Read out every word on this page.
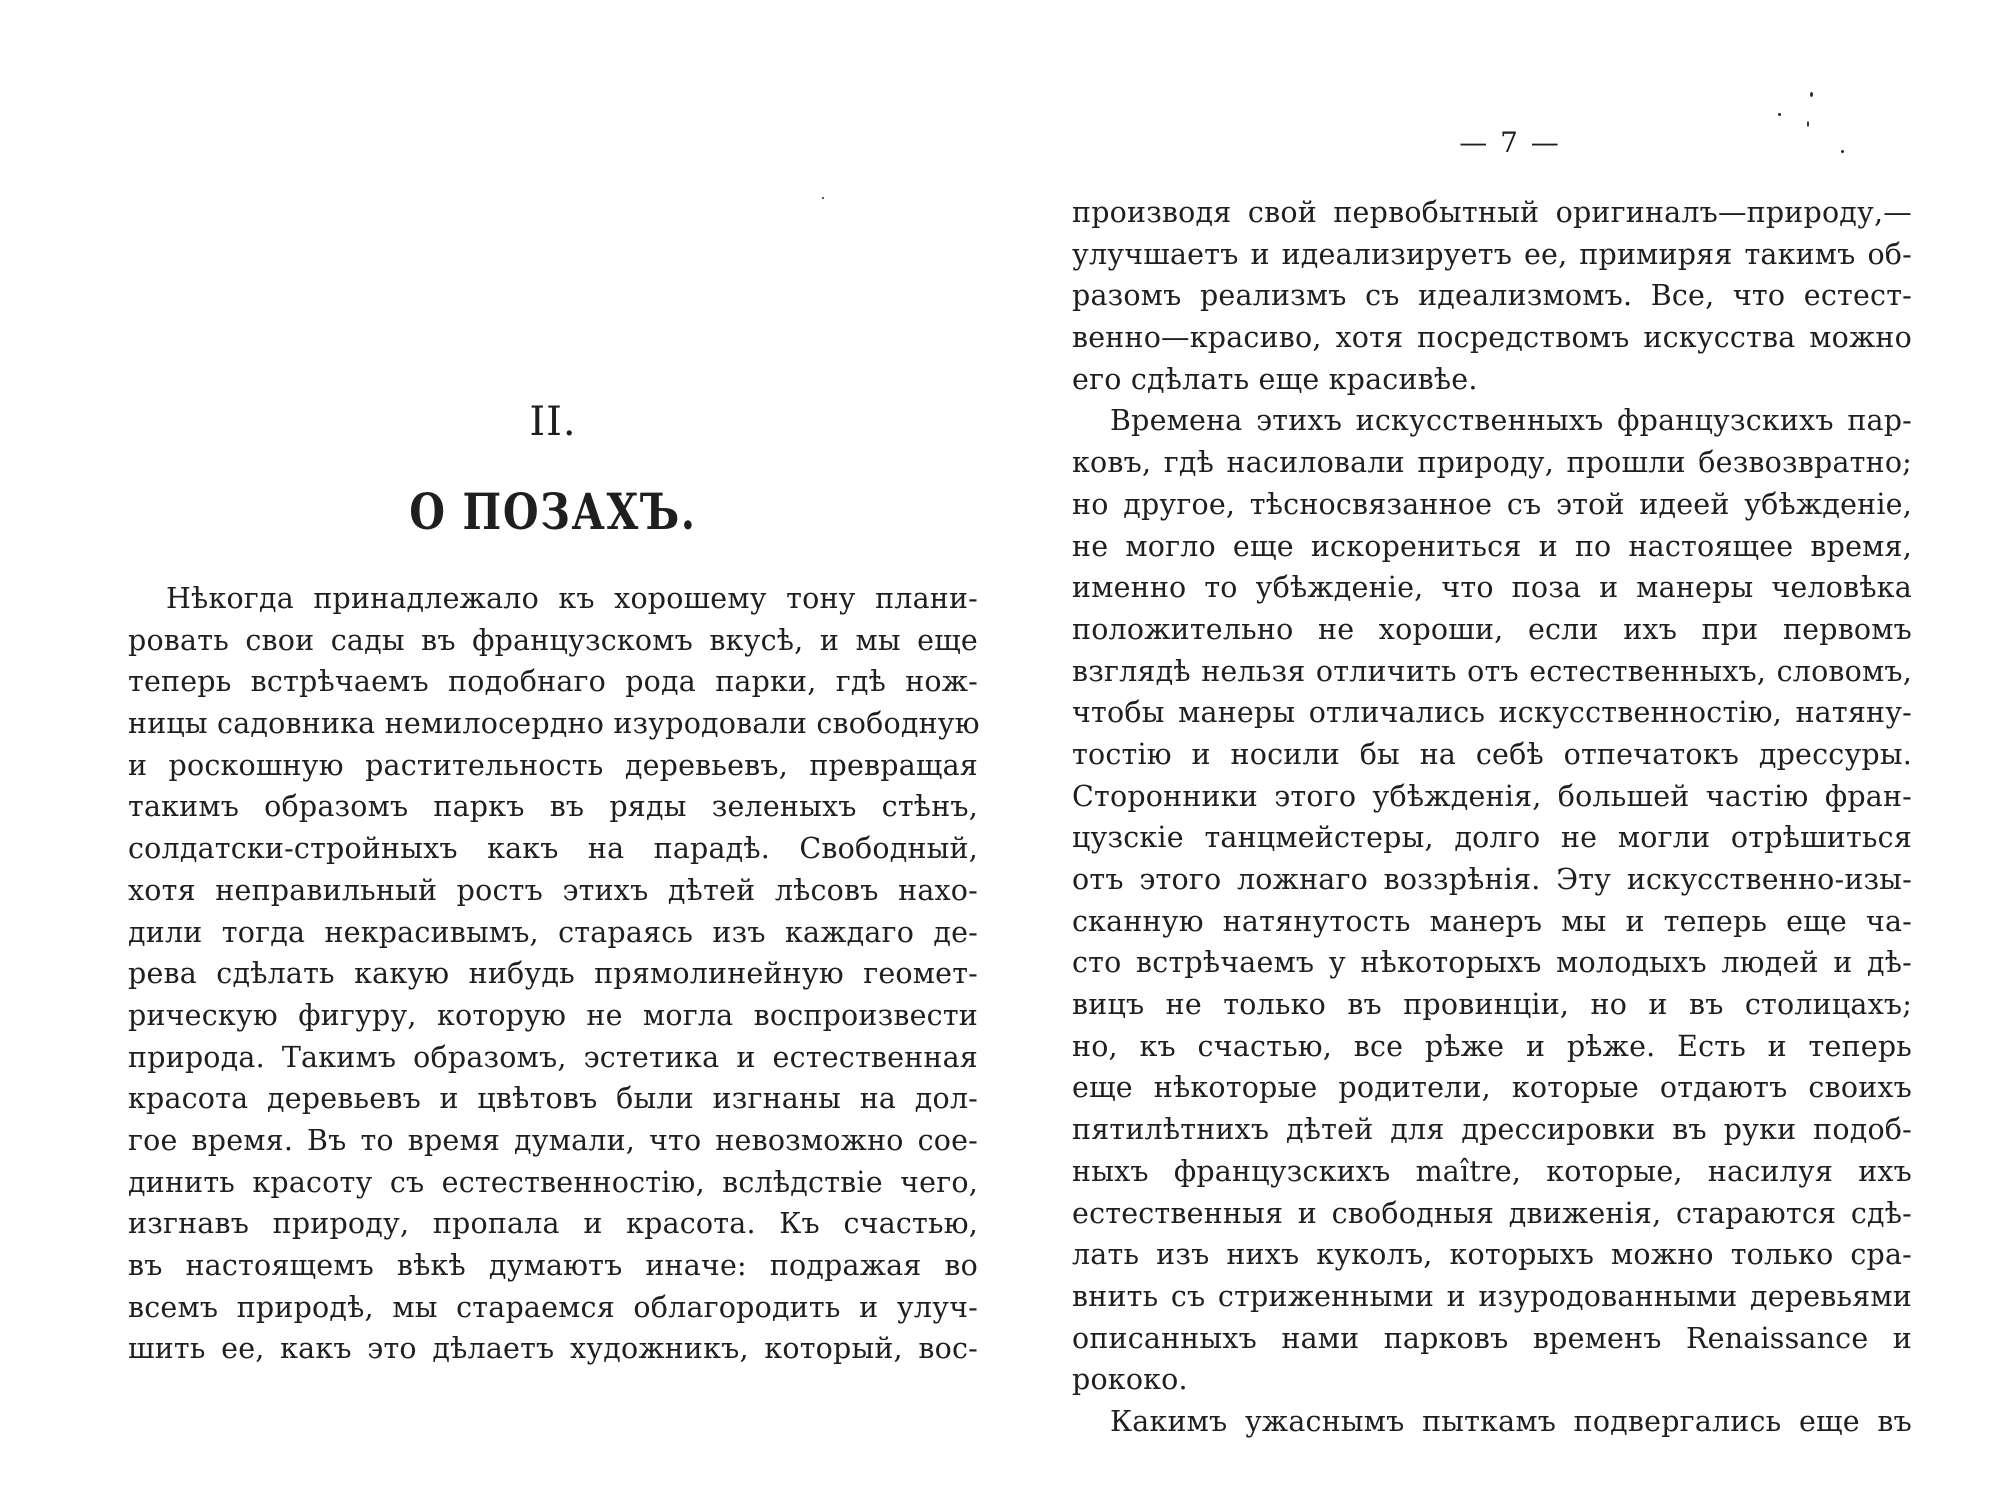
II.
О ПОЗАХЪ.
Нѣкогда принадлежало къ хорошему тону плани-
ровать свои сады въ французскомъ вкусѣ, и мы еще
теперь встрѣчаемъ подобнаго рода парки, гдѣ нож-
ницы садовника немилосердно изуродовали свободную
и роскошную растительность деревьевъ, превращая
такимъ образомъ паркъ въ ряды зеленыхъ стѣнъ,
солдатски-стройныхъ какъ на парадѣ. Свободный,
хотя неправильный ростъ этихъ дѣтей лѣсовъ нахо-
дили тогда некрасивымъ, стараясь изъ каждаго де-
рева сдѣлать какую нибудь прямолинейную геомет-
рическую фигуру, которую не могла воспроизвести
природа. Такимъ образомъ, эстетика и естественная
красота деревьевъ и цвѣтовъ были изгнаны на дол-
гое время. Въ то время думали, что невозможно сое-
динить красоту съ естественностію, вслѣдствіе чего,
изгнавъ природу, пропала и красота. Къ счастью,
въ настоящемъ вѣкѣ думаютъ иначе: подражая во
всемъ природѣ, мы стараемся облагородить и улуч-
шить ее, какъ это дѣлаетъ художникъ, который, вос-
производя свой первобытный оригиналъ—природу,—
улучшаетъ и идеализируетъ ее, примиряя такимъ об-
разомъ реализмъ съ идеализмомъ. Все, что естест-
венно—красиво, хотя посредствомъ искусства можно
его сдѣлать еще красивѣе.
Времена этихъ искусственныхъ французскихъ пар-
ковъ, гдѣ насиловали природу, прошли безвозвратно;
но другое, тѣсносвязанное съ этой идеей убѣжденіе,
не могло еще искорениться и по настоящее время,
именно то убѣжденіе, что поза и манеры человѣка
положительно не хороши, если ихъ при первомъ
взглядѣ нельзя отличить отъ естественныхъ, словомъ,
чтобы манеры отличались искусственностію, натяну-
тостію и носили бы на себѣ отпечатокъ дрессуры.
Сторонники этого убѣжденія, большей частію фран-
цузскіе танцмейстеры, долго не могли отрѣшиться
отъ этого ложнаго воззрѣнія. Эту искусственно-изы-
сканную натянутость манеръ мы и теперь еще ча-
сто встрѣчаемъ у нѣкоторыхъ молодыхъ людей и дѣ-
вицъ не только въ провинціи, но и въ столицахъ;
но, къ счастью, все рѣже и рѣже. Есть и теперь
еще нѣкоторые родители, которые отдаютъ своихъ
пятилѣтнихъ дѣтей для дрессировки въ руки подоб-
ныхъ французскихъ maître, которые, насилуя ихъ
естественныя и свободныя движенія, стараются сдѣ-
лать изъ нихъ куколъ, которыхъ можно только сра-
внить съ стриженными и изуродованными деревьями
описанныхъ нами парковъ временъ Renaissance и
рококо.
Какимъ ужаснымъ пыткамъ подвергались еще въ
— 7 —
